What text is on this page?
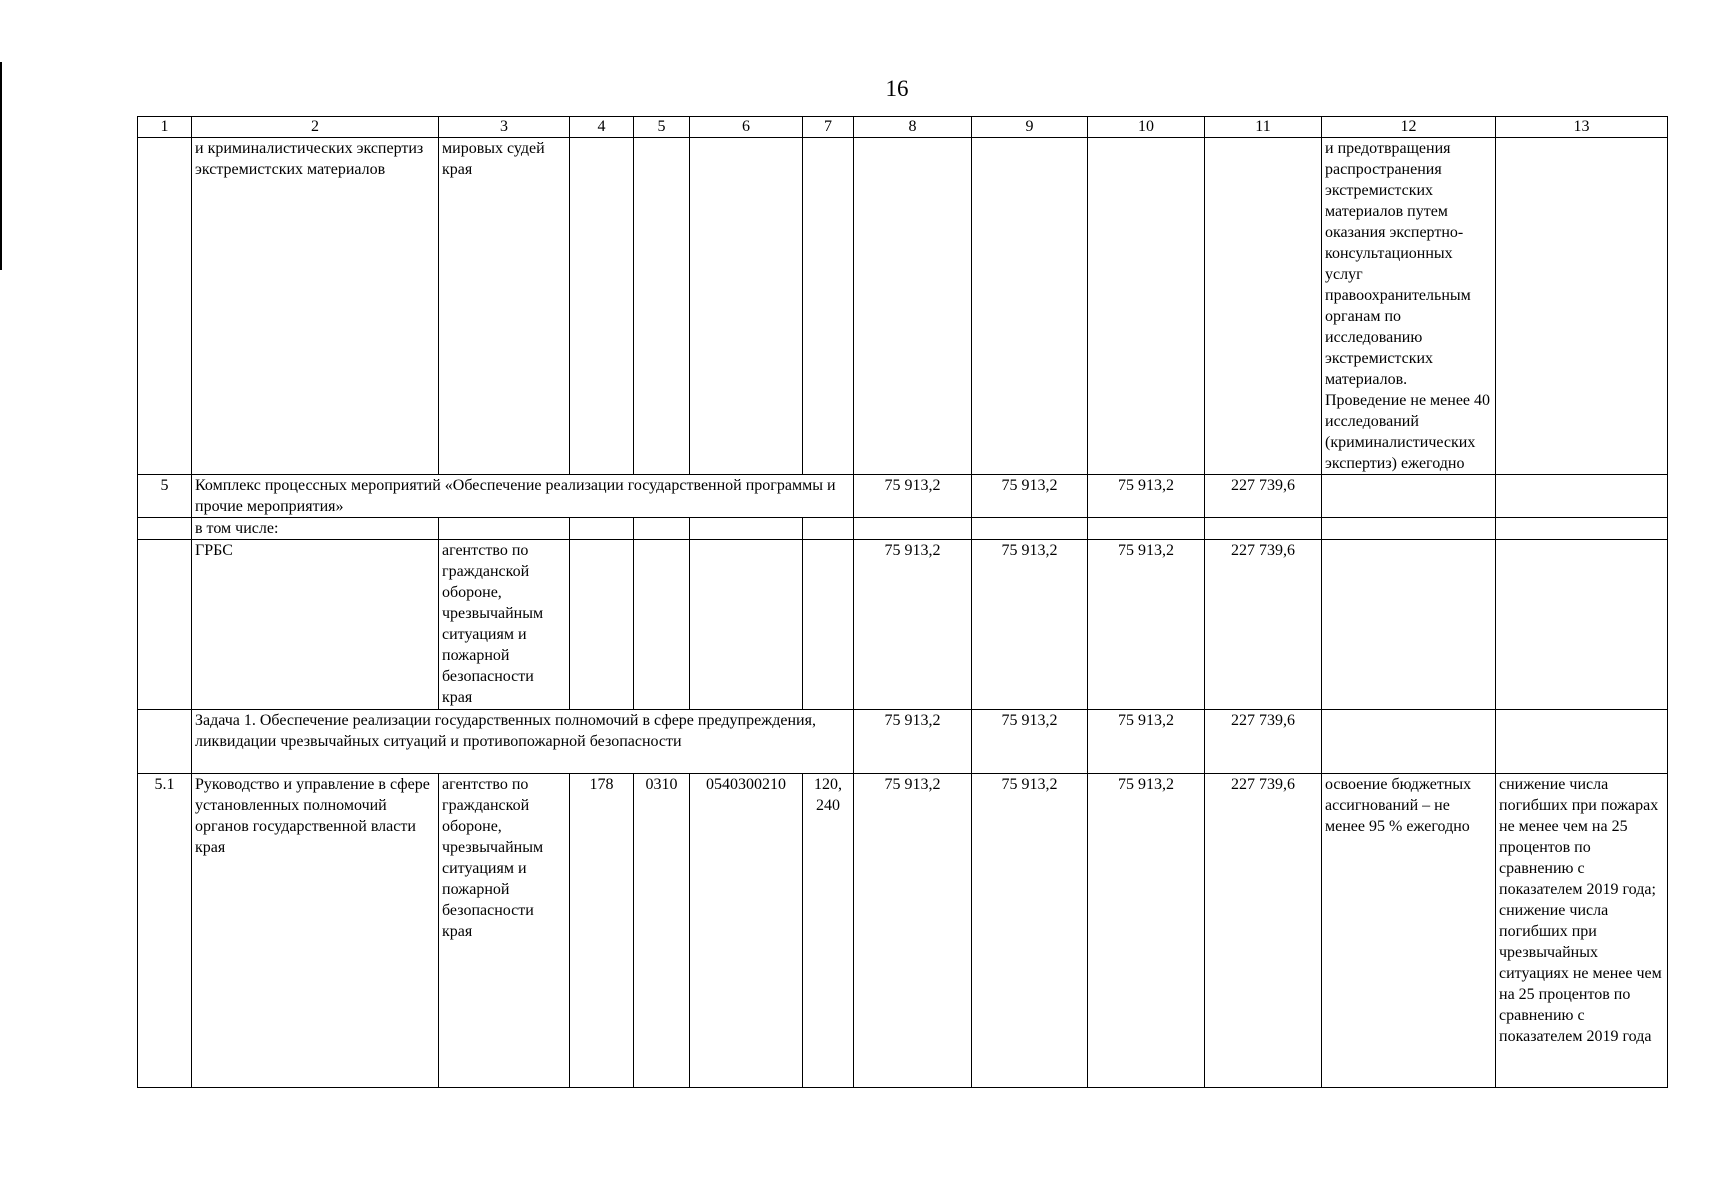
16
1	2	3	4	5	6	7	8	9	10	11	12	13
	и криминалистических экспертиз экстремистских материалов	мировых судей края									и предотвращения распространения экстремистских материалов путем оказания экспертно-консультационных услуг правоохранительным органам по исследованию экстремистских материалов. Проведение не менее 40 исследований (криминалистических экспертиз) ежегодно	
5	Комплекс процессных мероприятий «Обеспечение реализации государственной программы и прочие мероприятия»						75 913,2	75 913,2	75 913,2	227 739,6		
	в том числе:											
	ГРБС	агентство по гражданской обороне, чрезвычайным ситуациям и пожарной безопасности края					75 913,2	75 913,2	75 913,2	227 739,6		
	Задача 1. Обеспечение реализации государственных полномочий в сфере предупреждения, ликвидации чрезвычайных ситуаций и противопожарной безопасности						75 913,2	75 913,2	75 913,2	227 739,6		
5.1	Руководство и управление в сфере установленных полномочий органов государственной власти края	агентство по гражданской обороне, чрезвычайным ситуациям и пожарной безопасности края	178	0310	0540300210	120, 240	75 913,2	75 913,2	75 913,2	227 739,6	освоение бюджетных ассигнований – не менее 95 % ежегодно	снижение числа погибших при пожарах не менее чем на 25 процентов по сравнению с показателем 2019 года; снижение числа погибших при чрезвычайных ситуациях не менее чем на 25 процентов по сравнению с показателем 2019 года
